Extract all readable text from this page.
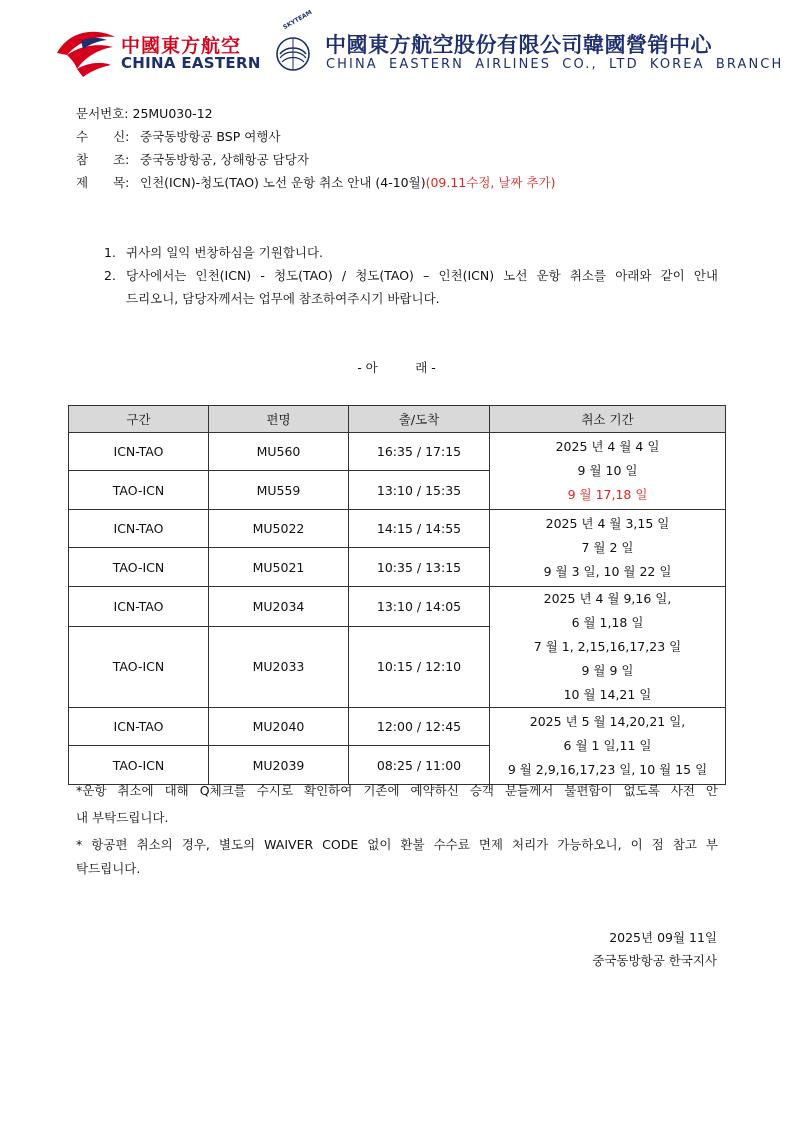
中國東方航空
CHINA EASTERN
SKYTEAM
中國東方航空股份有限公司韓國營销中心
CHINA EASTERN AIRLINES CO., LTD KOREA BRANCH
문서번호: 25MU030-12
수　　신: 중국동방항공 BSP 여행사
참　　조: 중국동방항공, 상해항공 담당자
제　　목: 인천(ICN)-청도(TAO) 노선 운항 취소 안내 (4-10월)(09.11수정, 날짜 추가)
1. 귀사의 일익 번창하심을 기원합니다.
2. 당사에서는 인천(ICN) - 청도(TAO) / 청도(TAO) – 인천(ICN) 노선 운항 취소를 아래와 같이 안내
드리오니, 담당자께서는 업무에 참조하여주시기 바랍니다.
- 아　　　래 -
구간	편명	출/도착	취소 기간
ICN-TAO	MU560	16:35 / 17:15	2025 년 4 월 4 일
9 월 10 일
9 월 17,18 일

TAO-ICN	MU559	13:10 / 15:35	
ICN-TAO	MU5022	14:15 / 14:55	2025 년 4 월 3,15 일
7 월 2 일
9 월 3 일, 10 월 22 일

TAO-ICN	MU5021	10:35 / 13:15	
ICN-TAO	MU2034	13:10 / 14:05	2025 년 4 월 9,16 일,
6 월 1,18 일
7 월 1, 2,15,16,17,23 일
9 월 9 일
10 월 14,21 일

TAO-ICN	MU2033	10:15 / 12:10	
ICN-TAO	MU2040	12:00 / 12:45	2025 년 5 월 14,20,21 일,
6 월 1 일,11 일
9 월 2,9,16,17,23 일, 10 월 15 일

TAO-ICN	MU2039	08:25 / 11:00	
*운항 취소에 대해 Q체크를 수시로 확인하여 기존에 예약하신 승객 분들께서 불편함이 없도록 사전 안
내 부탁드립니다.
* 항공편 취소의 경우, 별도의 WAIVER CODE 없이 환불 수수료 면제 처리가 가능하오니, 이 점 참고 부
탁드립니다.
2025년 09월 11일
중국동방항공 한국지사
